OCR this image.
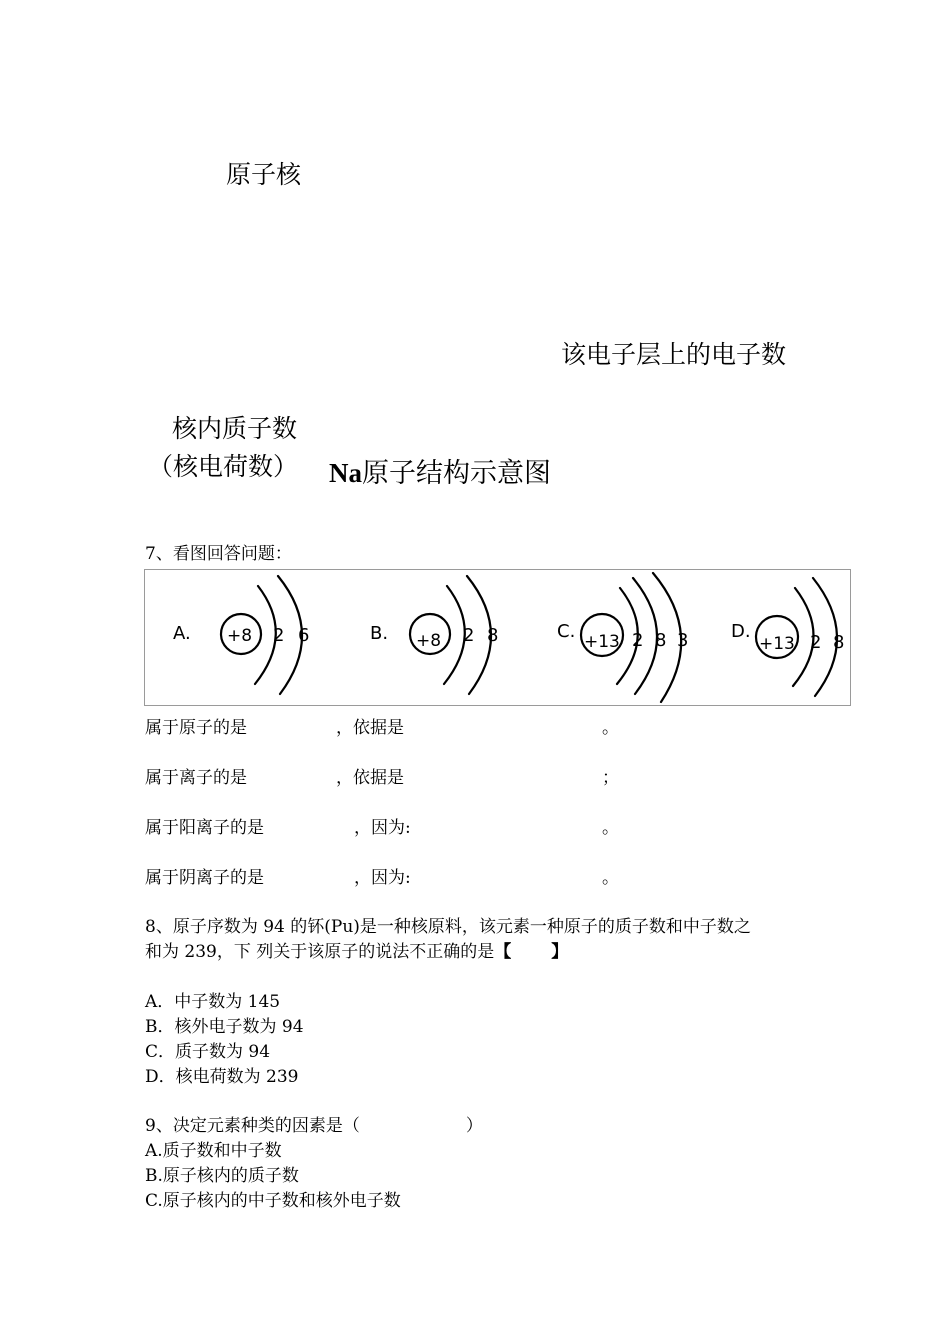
原子核
该电子层上的电子数
核内质子数
（核电荷数） Na原子结构示意图
7、看图回答问题：
A. +8 2 6	B. +8 2 8	C. +13 2 8 3 D.
+13 2 8
属于原子的是	，依据是	。
属于离子的是	，依据是	；
属于阳离子的是	，因为:	。
属于阴离子的是	，因为:	。
8、原子序数为 94 的钚(Pu)是一种核原料，该元素一种原子的质子数和中子数之
和为 239，下 列关于该原子的说法不正确的是【 】
A．中子数为 145
B．核外电子数为 94
C．质子数为 94
D．核电荷数为 239
9、决定元素种类的因素是（	）
A.质子数和中子数
B.原子核内的质子数
C.原子核内的中子数和核外电子数
